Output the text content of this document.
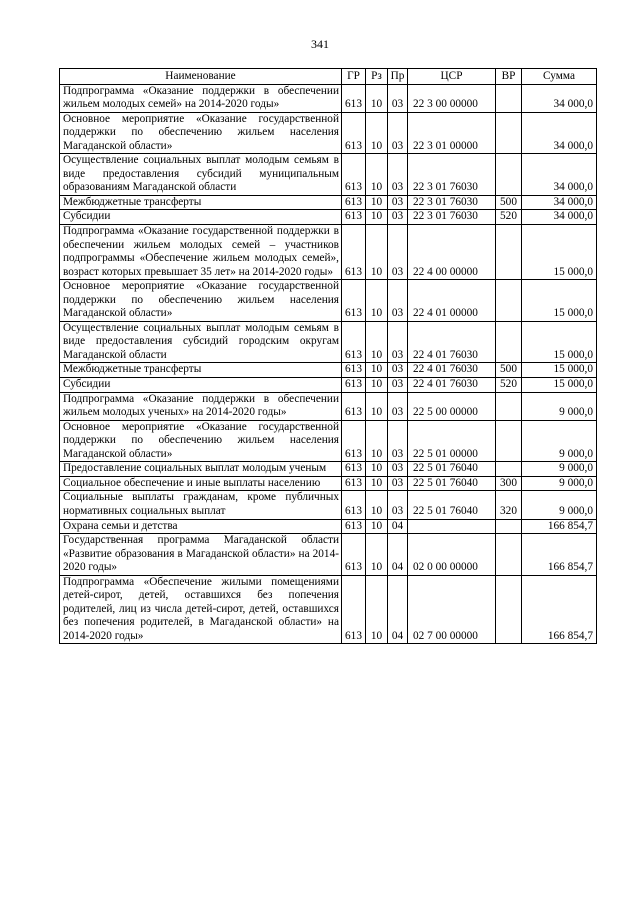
341
Наименование	ГР	Рз	Пр	ЦСР	ВР	Сумма
Подпрограмма «Оказание поддержки в обеспечении жильем молодых семей» на 2014-2020 годы»	613	10	03	22 3 00 00000		34 000,0
Основное мероприятие «Оказание государственной поддержки по обеспечению жильем населения Магаданской области»	613	10	03	22 3 01 00000		34 000,0
Осуществление социальных выплат молодым семьям в виде предоставления субсидий муниципальным образованиям Магаданской области	613	10	03	22 3 01 76030		34 000,0
Межбюджетные трансферты	613	10	03	22 3 01 76030	500	34 000,0
Субсидии	613	10	03	22 3 01 76030	520	34 000,0
Подпрограмма «Оказание государственной поддержки в обеспечении жильем молодых семей – участников подпрограммы «Обеспечение жильем молодых семей», возраст которых превышает 35 лет» на 2014-2020 годы»	613	10	03	22 4 00 00000		15 000,0
Основное мероприятие «Оказание государственной поддержки по обеспечению жильем населения Магаданской области»	613	10	03	22 4 01 00000		15 000,0
Осуществление социальных выплат молодым семьям в виде предоставления субсидий городским округам Магаданской области	613	10	03	22 4 01 76030		15 000,0
Межбюджетные трансферты	613	10	03	22 4 01 76030	500	15 000,0
Субсидии	613	10	03	22 4 01 76030	520	15 000,0
Подпрограмма «Оказание поддержки в обеспечении жильем молодых ученых» на 2014-2020 годы»	613	10	03	22 5 00 00000		9 000,0
Основное мероприятие «Оказание государственной поддержки по обеспечению жильем населения Магаданской области»	613	10	03	22 5 01 00000		9 000,0
Предоставление социальных выплат молодым ученым	613	10	03	22 5 01 76040		9 000,0
Социальное обеспечение и иные выплаты населению	613	10	03	22 5 01 76040	300	9 000,0
Социальные выплаты гражданам, кроме публичных нормативных социальных выплат	613	10	03	22 5 01 76040	320	9 000,0
Охрана семьи и детства	613	10	04			166 854,7
Государственная программа Магаданской области «Развитие образования в Магаданской области» на 2014-2020 годы»	613	10	04	02 0 00 00000		166 854,7
Подпрограмма «Обеспечение жилыми помещениями детей-сирот, детей, оставшихся без попечения родителей, лиц из числа детей-сирот, детей, оставшихся без попечения родителей, в Магаданской области» на 2014-2020 годы»	613	10	04	02 7 00 00000		166 854,7
